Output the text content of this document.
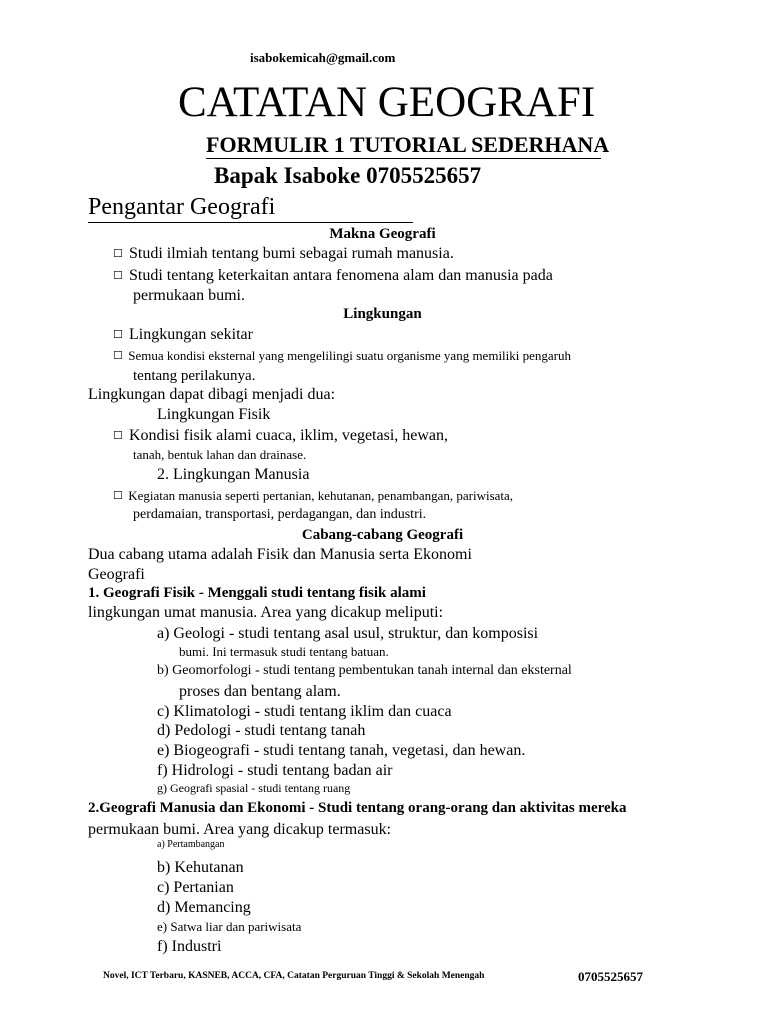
isabokemicah@gmail.com
CATATAN GEOGRAFI
FORMULIR 1 TUTORIAL SEDERHANA
Bapak Isaboke 0705525657
Pengantar Geografi
Makna Geografi
☐ Studi ilmiah tentang bumi sebagai rumah manusia.
☐ Studi tentang keterkaitan antara fenomena alam dan manusia pada
permukaan bumi.
Lingkungan
☐ Lingkungan sekitar
☐ Semua kondisi eksternal yang mengelilingi suatu organisme yang memiliki pengaruh
tentang perilakunya.
Lingkungan dapat dibagi menjadi dua:
Lingkungan Fisik
☐ Kondisi fisik alami cuaca, iklim, vegetasi, hewan,
tanah, bentuk lahan dan drainase.
2. Lingkungan Manusia
☐ Kegiatan manusia seperti pertanian, kehutanan, penambangan, pariwisata,
perdamaian, transportasi, perdagangan, dan industri.
Cabang-cabang Geografi
Dua cabang utama adalah Fisik dan Manusia serta Ekonomi
Geografi
1. Geografi Fisik - Menggali studi tentang fisik alami
lingkungan umat manusia. Area yang dicakup meliputi:
a) Geologi - studi tentang asal usul, struktur, dan komposisi
bumi. Ini termasuk studi tentang batuan.
b) Geomorfologi - studi tentang pembentukan tanah internal dan eksternal
proses dan bentang alam.
c) Klimatologi - studi tentang iklim dan cuaca
d) Pedologi - studi tentang tanah
e) Biogeografi - studi tentang tanah, vegetasi, dan hewan.
f) Hidrologi - studi tentang badan air
g) Geografi spasial - studi tentang ruang
2.Geografi Manusia dan Ekonomi - Studi tentang orang-orang dan aktivitas mereka
permukaan bumi. Area yang dicakup termasuk:
a) Pertambangan
b) Kehutanan
c) Pertanian
d) Memancing
e) Satwa liar dan pariwisata
f) Industri
Novel, ICT Terbaru, KASNEB, ACCA, CFA, Catatan Perguruan Tinggi & Sekolah Menengah	0705525657
